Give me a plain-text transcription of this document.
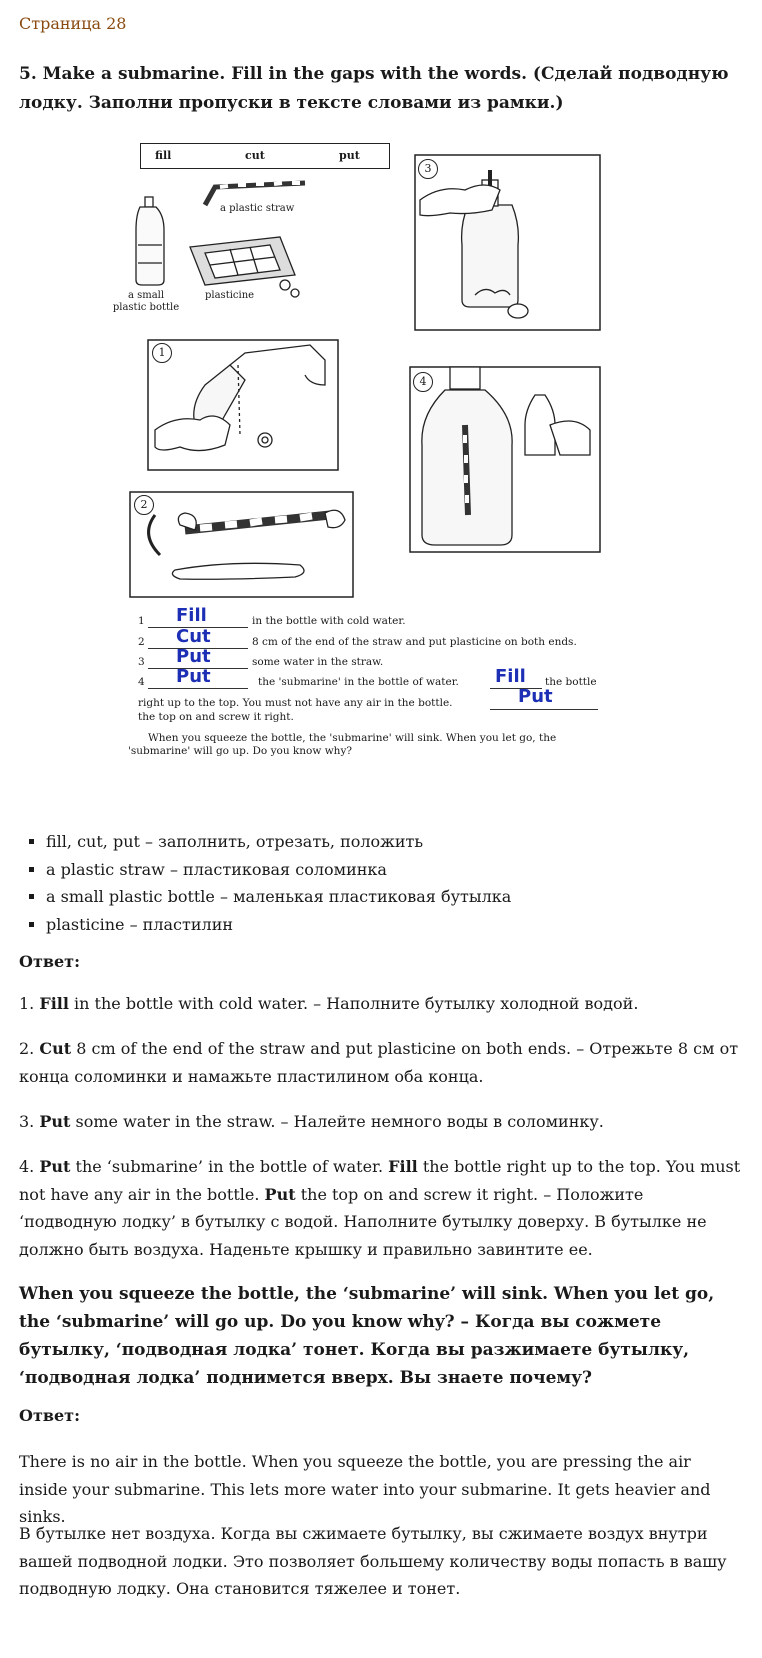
Страница 28
5. Make a submarine. Fill in the gaps with the words. (Сделай подводную лодку. Заполни пропуски в тексте словами из рамки.)
fill	cut	put
a plastic straw
a small plastic bottle
plasticine
3
1
4
2
1 Fill	in the bottle with cold water.
2 Cut	8 cm of the end of the straw and put plasticine on both ends.
3 Put	some water in the straw.
4 Put	the 'submarine' in the bottle of water. Fill the bottle
right up to the top. You must not have any air in the bottle.	Put
the top on and screw it right.
When you squeeze the bottle, the 'submarine' will sink. When you let go, the 'submarine' will go up. Do you know why?
▪ fill, cut, put – заполнить, отрезать, положить
▪ a plastic straw – пластиковая соломинка
▪ a small plastic bottle – маленькая пластиковая бутылка
▪ plasticine – пластилин
Ответ:
1. Fill in the bottle with cold water. – Наполните бутылку холодной водой.
2. Cut 8 cm of the end of the straw and put plasticine on both ends. – Отрежьте 8 см от конца соломинки и намажьте пластилином оба конца.
3. Put some water in the straw. – Налейте немного воды в соломинку.
4. Put the ‘submarine’ in the bottle of water. Fill the bottle right up to the top. You must not have any air in the bottle. Put the top on and screw it right. – Положите ‘подводную лодку’ в бутылку с водой. Наполните бутылку доверху. В бутылке не должно быть воздуха. Наденьте крышку и правильно завинтите ее.
When you squeeze the bottle, the ‘submarine’ will sink. When you let go, the ‘submarine’ will go up. Do you know why? – Когда вы сожмете бутылку, ‘подводная лодка’ тонет. Когда вы разжимаете бутылку, ‘подводная лодка’ поднимется вверх. Вы знаете почему?
Ответ:
There is no air in the bottle. When you squeeze the bottle, you are pressing the air inside your submarine. This lets more water into your submarine. It gets heavier and sinks.
В бутылке нет воздуха. Когда вы сжимаете бутылку, вы сжимаете воздух внутри вашей подводной лодки. Это позволяет большему количеству воды попасть в вашу подводную лодку. Она становится тяжелее и тонет.
